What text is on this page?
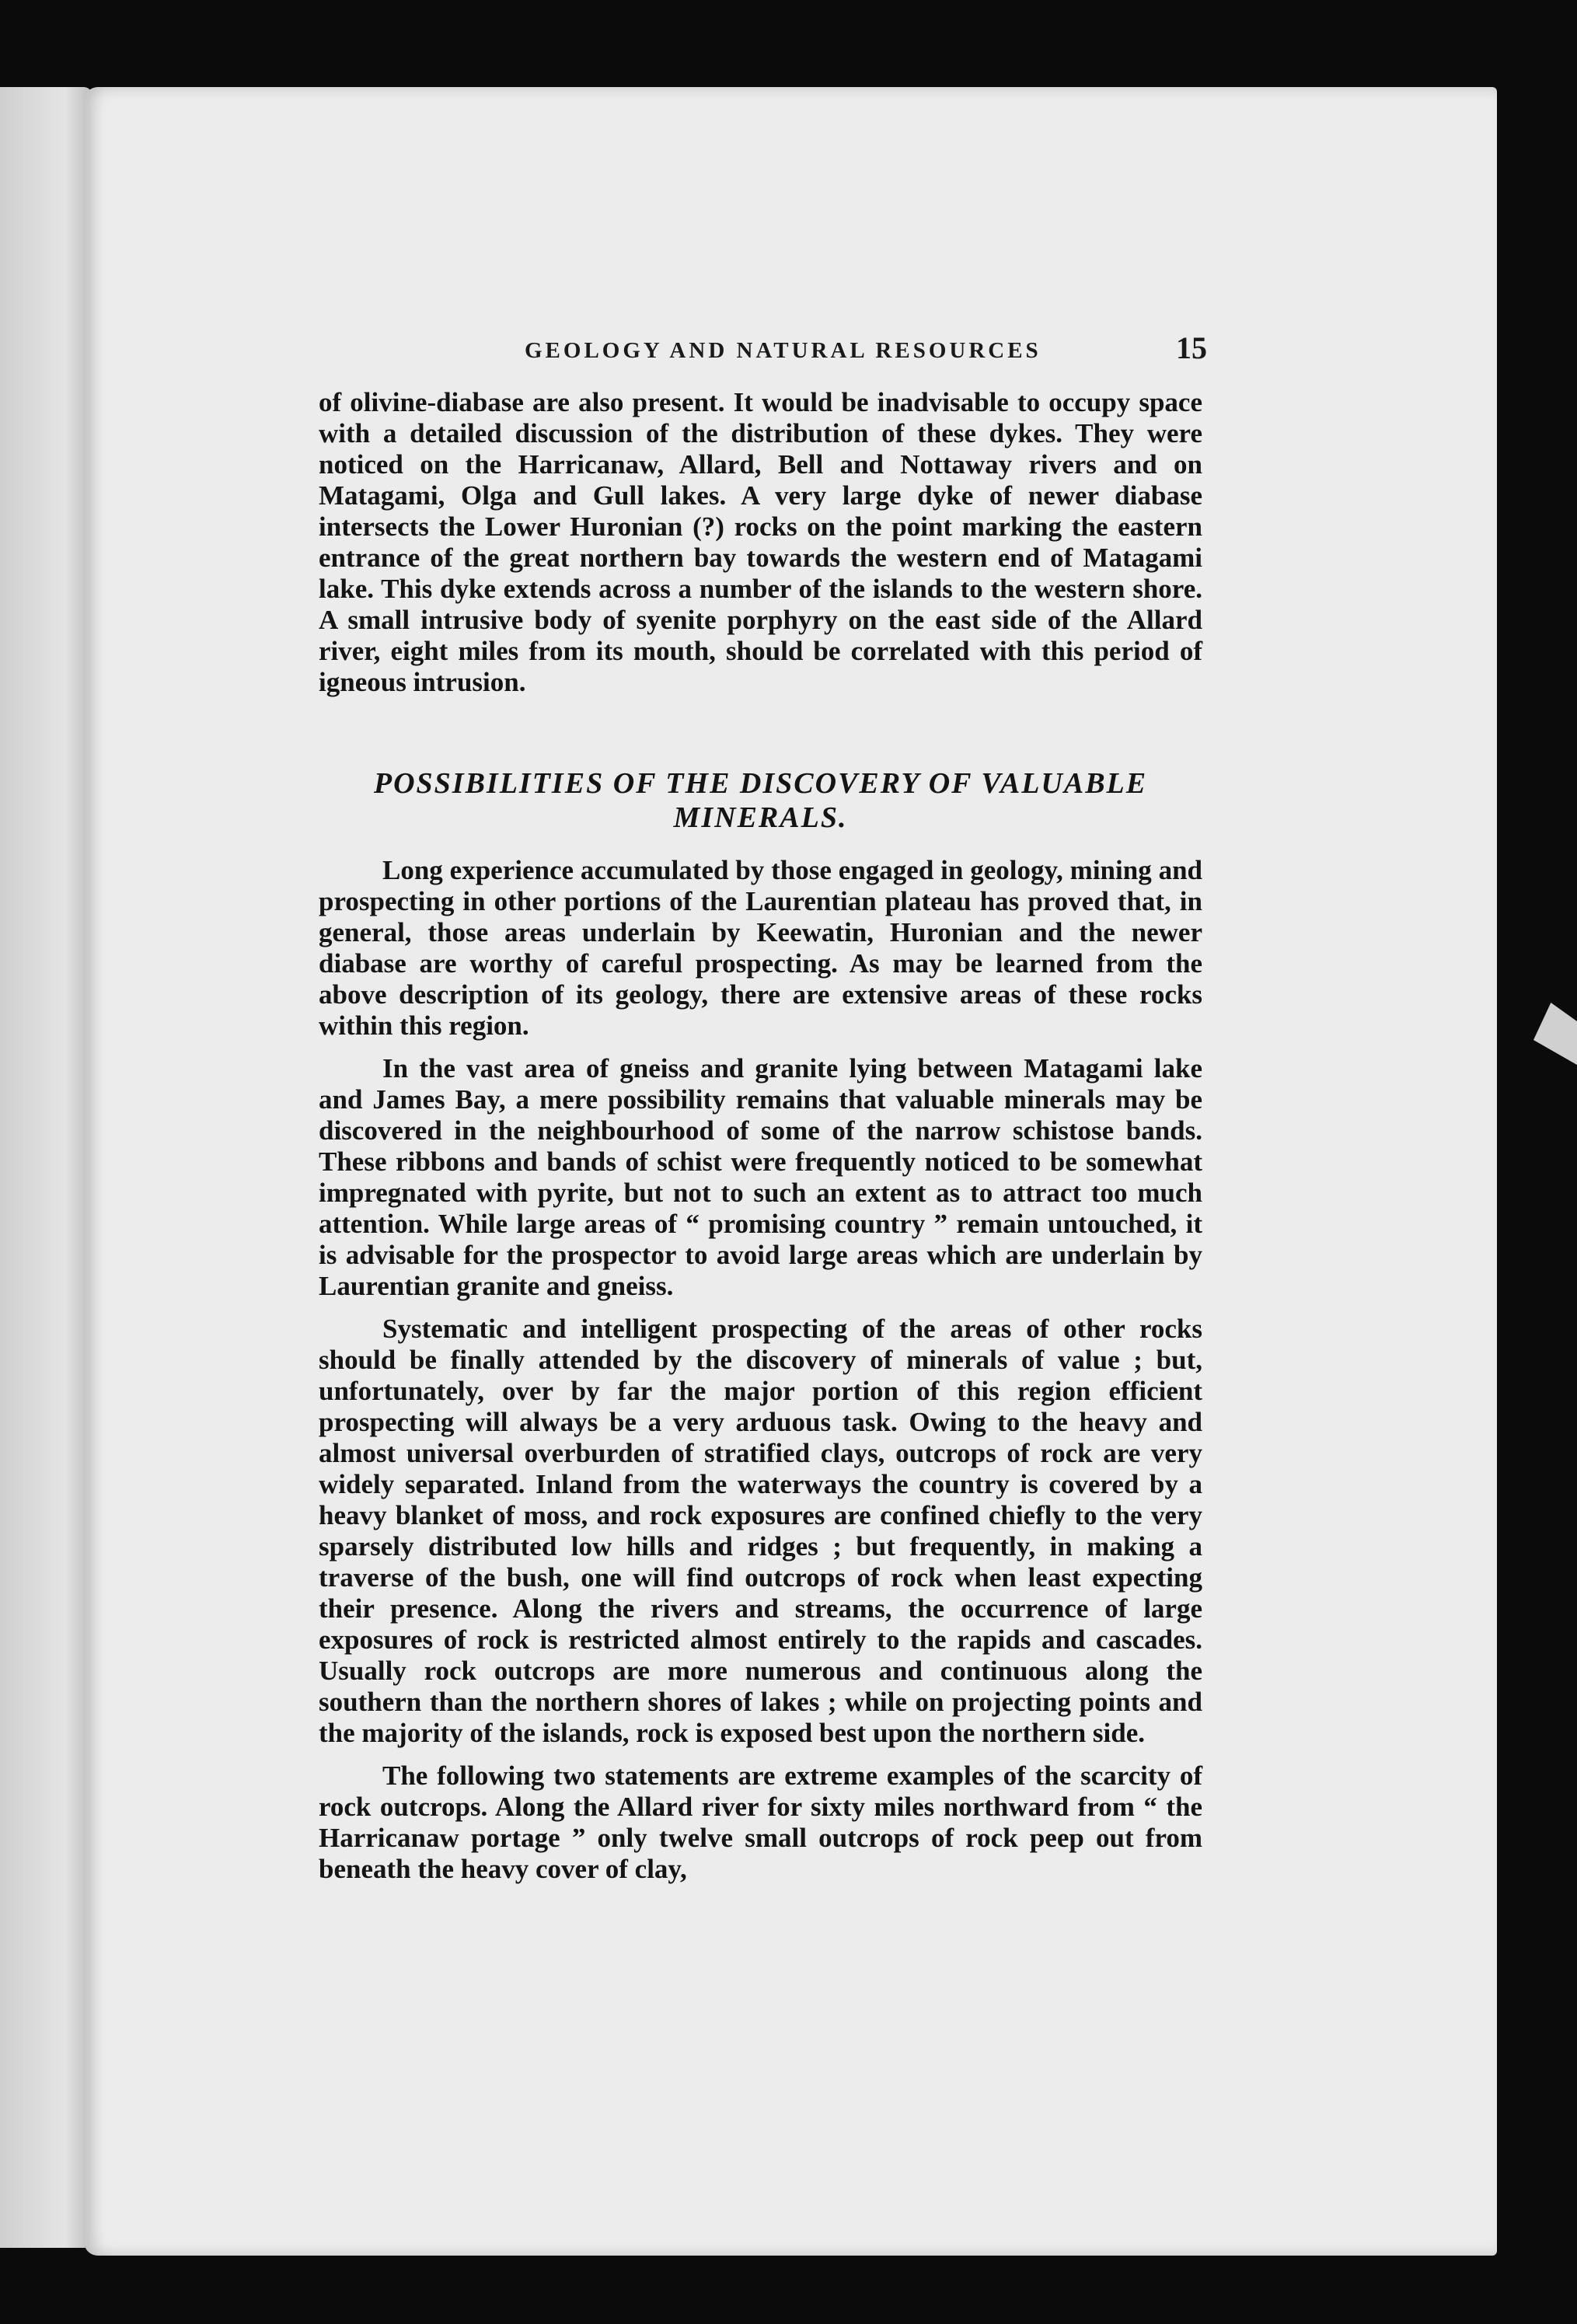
GEOLOGY AND NATURAL RESOURCES	15

of olivine-diabase are also present. It would be inadvisable to occupy space with a detailed discussion of the distribution of these dykes. They were noticed on the Harricanaw, Allard, Bell and Nottaway rivers and on Matagami, Olga and Gull lakes. A very large dyke of newer diabase intersects the Lower Huronian (?) rocks on the point marking the eastern entrance of the great northern bay towards the western end of Matagami lake. This dyke extends across a number of the islands to the western shore. A small intrusive body of syenite porphyry on the east side of the Allard river, eight miles from its mouth, should be correlated with this period of igneous intrusion.

POSSIBILITIES OF THE DISCOVERY OF VALUABLE MINERALS.

Long experience accumulated by those engaged in geology, mining and prospecting in other portions of the Laurentian plateau has proved that, in general, those areas underlain by Keewatin, Huronian and the newer diabase are worthy of careful prospecting. As may be learned from the above description of its geology, there are extensive areas of these rocks within this region.

In the vast area of gneiss and granite lying between Matagami lake and James Bay, a mere possibility remains that valuable minerals may be discovered in the neighbourhood of some of the narrow schistose bands. These ribbons and bands of schist were frequently noticed to be somewhat impregnated with pyrite, but not to such an extent as to attract too much attention. While large areas of “ promising country ” remain untouched, it is advisable for the prospector to avoid large areas which are underlain by Laurentian granite and gneiss.

Systematic and intelligent prospecting of the areas of other rocks should be finally attended by the discovery of minerals of value ; but, unfortunately, over by far the major portion of this region efficient prospecting will always be a very arduous task. Owing to the heavy and almost universal overburden of stratified clays, outcrops of rock are very widely separated. Inland from the waterways the country is covered by a heavy blanket of moss, and rock exposures are confined chiefly to the very sparsely distributed low hills and ridges ; but frequently, in making a traverse of the bush, one will find outcrops of rock when least expecting their presence. Along the rivers and streams, the occurrence of large exposures of rock is restricted almost entirely to the rapids and cascades. Usually rock outcrops are more numerous and continuous along the southern than the northern shores of lakes ; while on projecting points and the majority of the islands, rock is exposed best upon the northern side.

The following two statements are extreme examples of the scarcity of rock outcrops. Along the Allard river for sixty miles northward from “ the Harricanaw portage ” only twelve small outcrops of rock peep out from beneath the heavy cover of clay,
